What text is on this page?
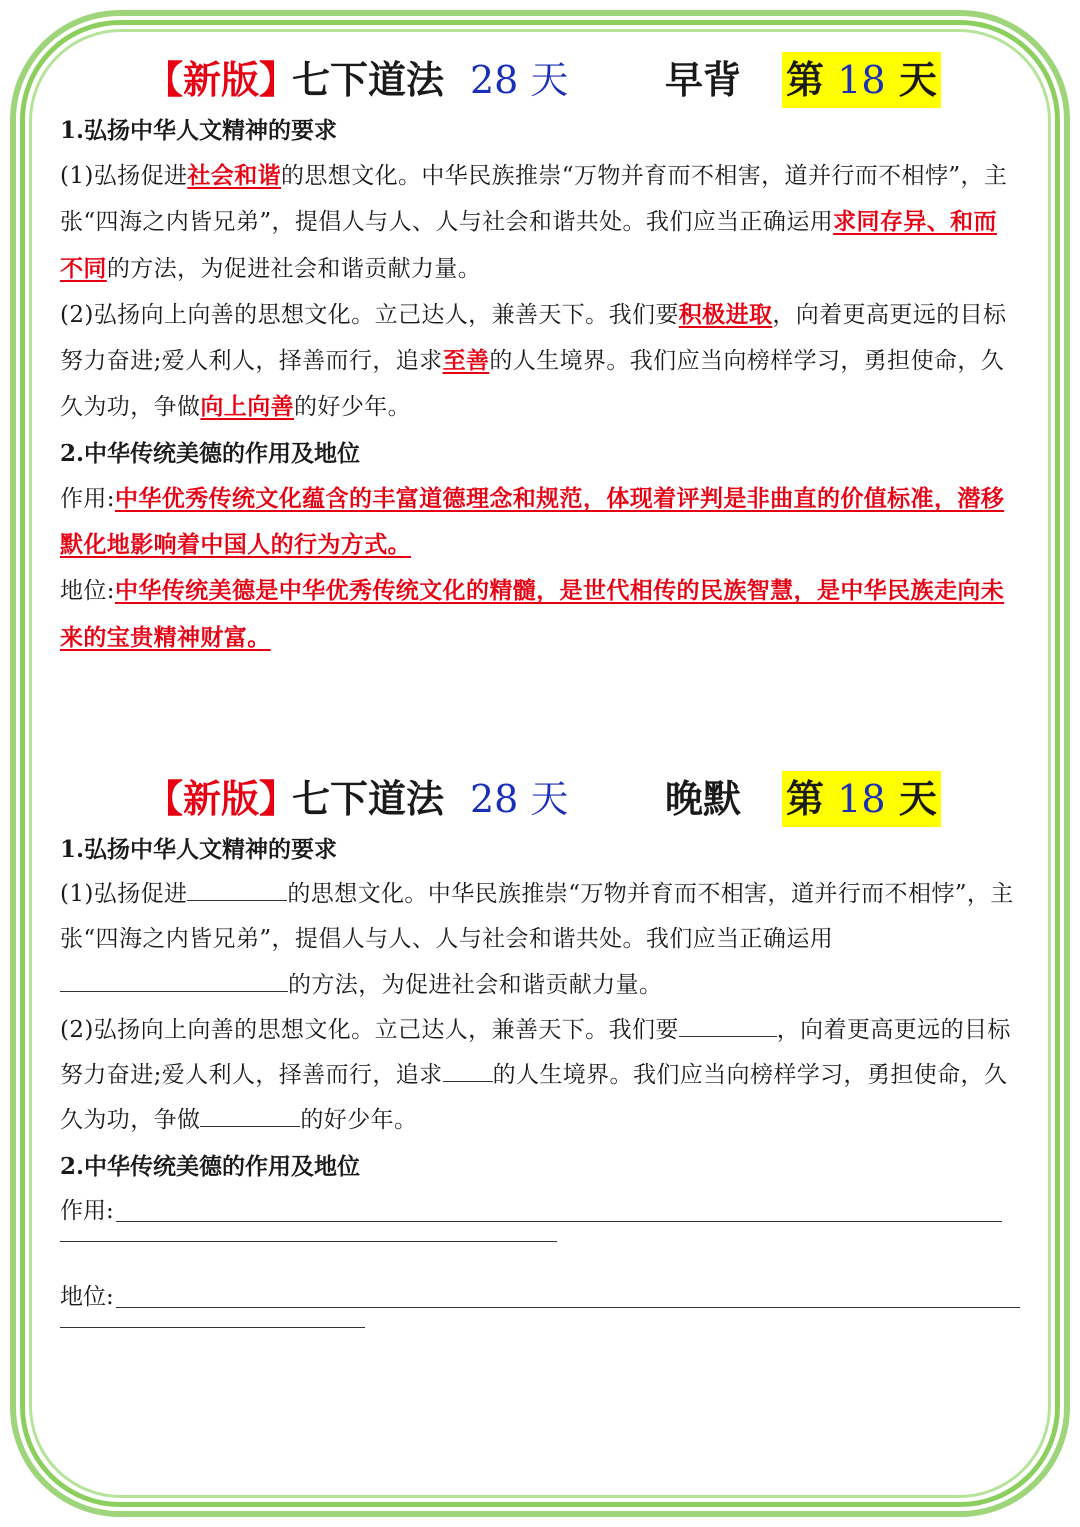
【新版】
七下道法 28 天	早背 第 18 天

1.弘扬中华人文精神的要求

(1)弘扬促进社会和谐的思想文化。中华民族推崇“万物并育而不相害，道并行而不相悖”，主张“四海之内皆兄弟”，提倡人与人、人与社会和谐共处。我们应当正确运用求同存异、和而不同的方法，为促进社会和谐贡献力量。

(2)弘扬向上向善的思想文化。立己达人，兼善天下。我们要积极进取，向着更高更远的目标努力奋进;爱人利人，择善而行，追求至善的人生境界。我们应当向榜样学习，勇担使命，久久为功，争做向上向善的好少年。

2.中华传统美德的作用及地位

作用:中华优秀传统文化蕴含的丰富道德理念和规范，体现着评判是非曲直的价值标准，潜移默化地影响着中国人的行为方式。

地位:中华传统美德是中华优秀传统文化的精髓，是世代相传的民族智慧，是中华民族走向未来的宝贵精神财富。

【新版】
七下道法 28 天	晚默 第 18 天

1.弘扬中华人文精神的要求

(1)弘扬促进	的思想文化。中华民族推崇“万物并育而不相害，道并行而不相悖”，主张“四海之内皆兄弟”，提倡人与人、人与社会和谐共处。我们应当正确运用
的方法，为促进社会和谐贡献力量。

(2)弘扬向上向善的思想文化。立己达人，兼善天下。我们要	，向着更高更远的目标努力奋进;爱人利人，择善而行，追求 的人生境界。我们应当向榜样学习，勇担使命，久久为功，争做	的好少年。

2.中华传统美德的作用及地位

作用:
地位:
